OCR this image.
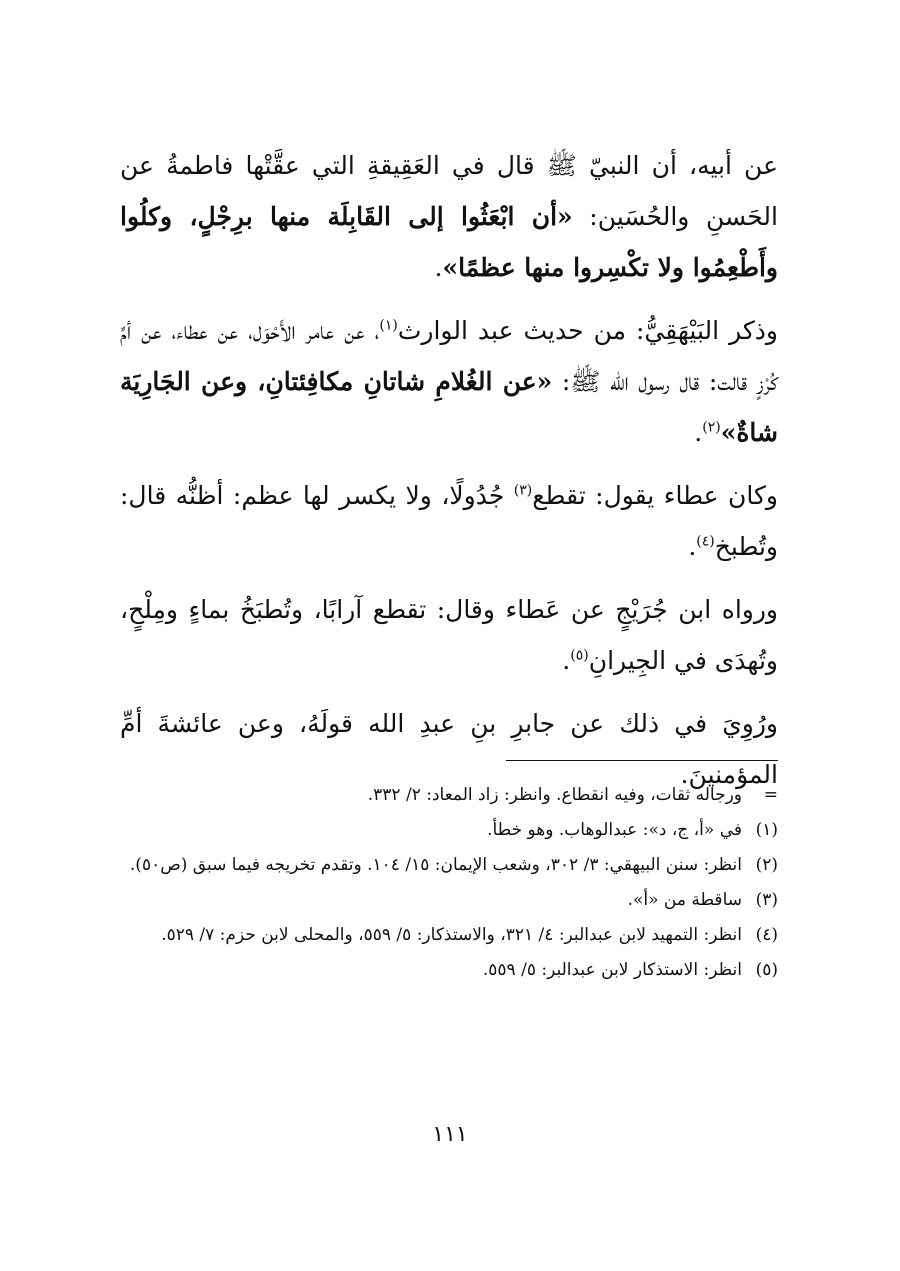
عن أبيه، أن النبيّ ﷺ قال في العَقِيقةِ التي عقَّتْها فاطمةُ عن الحَسنِ والحُسَين: «أن ابْعَثُوا إلى القَابِلَة منها برِجْلٍ، وكلُوا وأَطْعِمُوا ولا تكْسِروا منها عظمًا».

وذكر البَيْهَقِيُّ: من حديث عبد الوارث$^{(١)}$، عن عامر الأَحْوَل، عن عطاء، عن أمِّ كُرْزٍ قالت: قال رسول الله ﷺ: «عن الغُلامِ شاتانِ مكافِئتانِ، وعن الجَارِيَة شاةٌ»$^{(٢)}$.

وكان عطاء يقول: تقطع$^{(٣)}$ جُدُولًا، ولا يكسر لها عظم: أظنُّه قال: وتُطبخ$^{(٤)}$.

ورواه ابن جُرَيْجٍ عن عَطاء وقال: تقطع آرابًا، وتُطبَخُ بماءٍ ومِلْحٍ، وتُهدَى في الجِيرانِ$^{(٥)}$.

ورُوِيَ في ذلك عن جابرِ بنِ عبدِ الله قولَهُ، وعن عائشةَ أمِّ المؤمنينَ.

=
ورجاله ثقات، وفيه انقطاع. وانظر: زاد المعاد: ٢/ ٣٣٢.
(١)
في «أ، ج، د»: عبدالوهاب. وهو خطأ.
(٢)
انظر: سنن البيهقي: ٣/ ٣٠٢، وشعب الإيمان: ١٥/ ١٠٤. وتقدم تخريجه فيما سبق (ص٥٠).
(٣)
ساقطة من «أ».
(٤)
انظر: التمهيد لابن عبدالبر: ٤/ ٣٢١، والاستذكار: ٥/ ٥٥٩، والمحلى لابن حزم: ٧/ ٥٢٩.
(٥)
انظر: الاستذكار لابن عبدالبر: ٥/ ٥٥٩.
١١١
